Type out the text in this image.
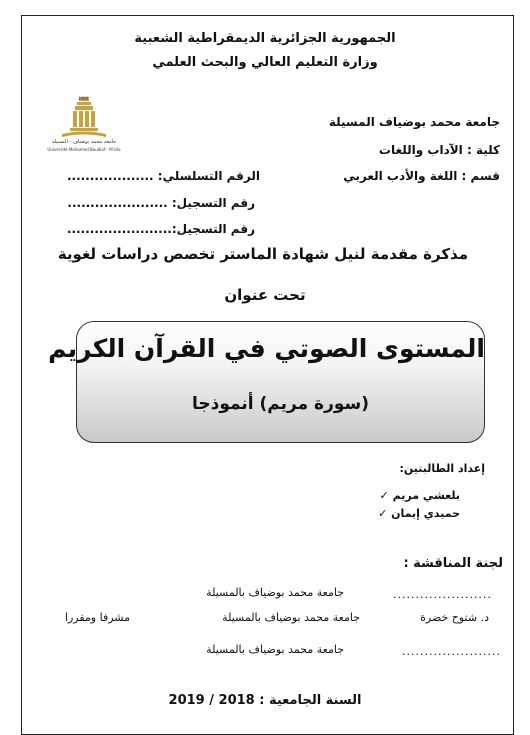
الجمهورية الجزائرية الديمقراطية الشعبية
وزارة التعليم العالي والبحث العلمي
1989
جامعة محمد بوضياف - المسيلة
Université Mohamed Boudiaf - M'sila
جامعة محمد بوضياف المسيلة
كلية : الآداب واللغات
قسم : اللغة والأدب العربي
الرقم التسلسلي: ...................
رقم التسجيل: ......................
رقم التسجيل:.......................
مذكرة مقدمة لنيل شهادة الماستر تخصص دراسات لغوية
تحت عنوان
المستوى الصوتي في القرآن الكريم
(سورة مريم) أنموذجا
إعداد الطالبتين:
بلعشي مريم ✓
حميدي إيمان ✓
لجنة المناقشة :
جامعة محمد بوضياف بالمسيلة	......................
د. شتوح خضرة
جامعة محمد بوضياف بالمسيلة
مشرفا ومقررا
جامعة محمد بوضياف بالمسيلة	......................
السنة الجامعية : 2018 / 2019
